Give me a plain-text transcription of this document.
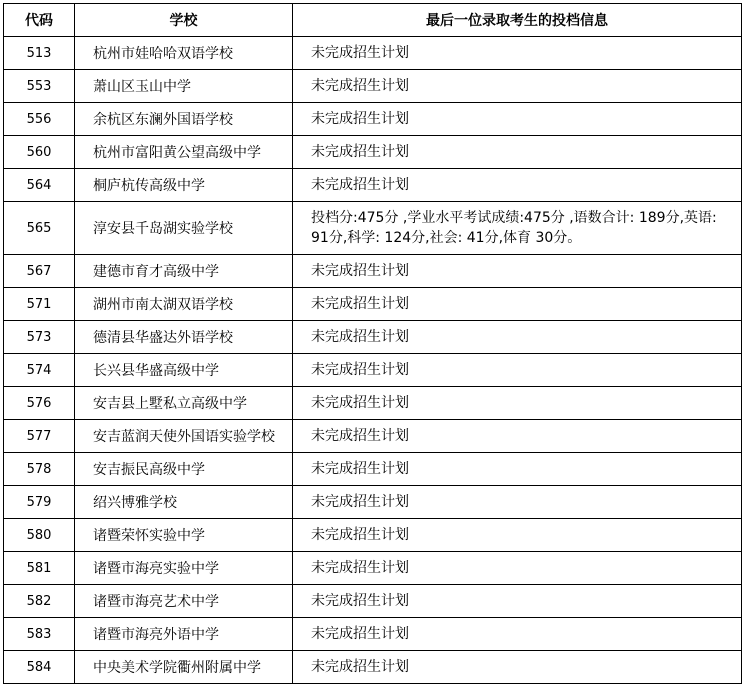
代码	学校	最后一位录取考生的投档信息
513	杭州市娃哈哈双语学校	未完成招生计划
553	萧山区玉山中学	未完成招生计划
556	余杭区东澜外国语学校	未完成招生计划
560	杭州市富阳黄公望高级中学	未完成招生计划
564	桐庐杭传高级中学	未完成招生计划
565	淳安县千岛湖实验学校	投档分:475分 ,学业水平考试成绩:475分 ,语数合计: 189分,英语: 91分,科学: 124分,社会: 41分,体育 30分。
567	建德市育才高级中学	未完成招生计划
571	湖州市南太湖双语学校	未完成招生计划
573	德清县华盛达外语学校	未完成招生计划
574	长兴县华盛高级中学	未完成招生计划
576	安吉县上墅私立高级中学	未完成招生计划
577	安吉蓝润天使外国语实验学校	未完成招生计划
578	安吉振民高级中学	未完成招生计划
579	绍兴博雅学校	未完成招生计划
580	诸暨荣怀实验中学	未完成招生计划
581	诸暨市海亮实验中学	未完成招生计划
582	诸暨市海亮艺术中学	未完成招生计划
583	诸暨市海亮外语中学	未完成招生计划
584	中央美术学院衢州附属中学	未完成招生计划
